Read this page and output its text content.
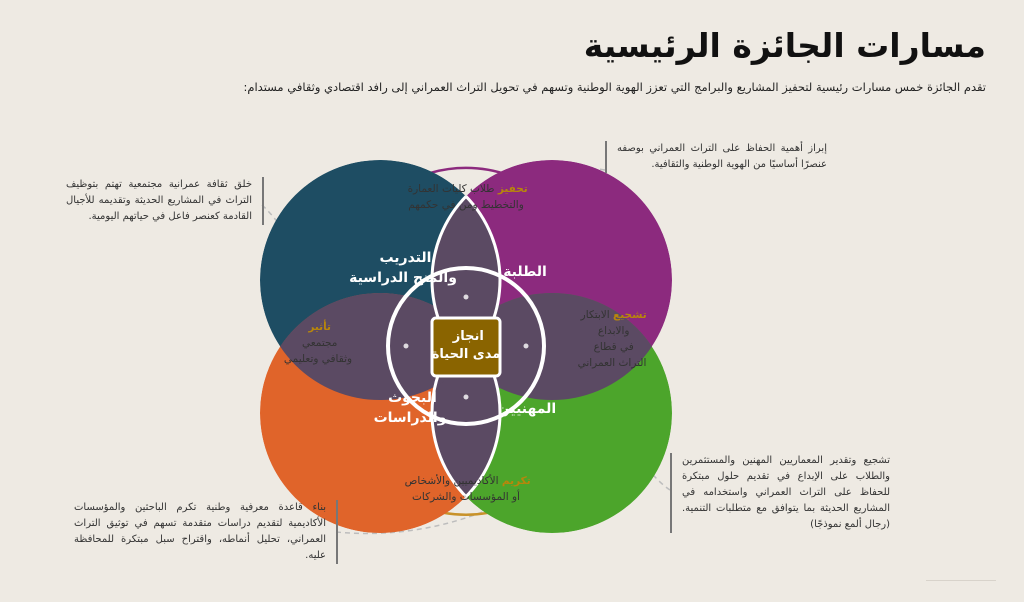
مسارات الجائزة الرئيسية

تقدم الجائزة خمس مسارات رئيسية لتحفيز المشاريع والبرامج التي تعزز الهوية الوطنية وتسهم في تحويل التراث العمراني إلى رافد اقتصادي وثقافي مستدام:

الطلبة
التدريب والمنح الدراسية
البحوث والدراسات
المهنيين
انجاز مدى الحياة
تحفيز طلاب كليات العمارة والتخطيط ومن في حكمهم
تشجيع الابتكار والابداع في قطاع التراث العمراني
تكريم الأكاديميين والأشخاص أو المؤسسات والشركات
تأثير مجتمعي وثقافي وتعليمي
إبراز أهمية الحفاظ على التراث العمراني بوصفه عنصرًا أساسيًا من الهوية الوطنية والثقافية.
خلق ثقافة عمرانية مجتمعية تهتم بتوظيف التراث في المشاريع الحديثة وتقديمه للأجيال القادمة كعنصر فاعل في حياتهم اليومية.
تشجيع وتقدير المعماريين المهنين والمستثمرين والطلاب على الإبداع في تقديم حلول مبتكرة للحفاظ على التراث العمراني واستخدامه في المشاريع الحديثة بما يتوافق مع متطلبات التنمية. (رجال ألمع نموذجًا)
بناء قاعدة معرفية وطنية تكرم الباحثين والمؤسسات الأكاديمية لتقديم دراسات متقدمة تسهم في توثيق التراث العمراني، تحليل أنماطه، واقتراح سبل مبتكرة للمحافظة عليه.
